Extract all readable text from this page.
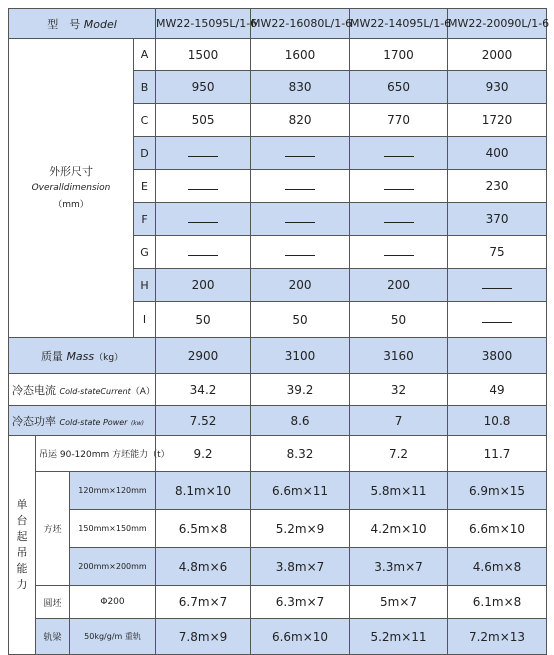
型　号 Model				MW22-15095L/1-6	MW22-16080L/1-6	MW22-14095L/1-6	MW22-20090L/1-6

外形尺寸
Overalldimension
（mm）			A	1500	1600	1700	2000
			B	950	830	650	930
			C	505	820	770	1720
			D				400
			E				230
			F				370
			G				75
			H	200	200	200	
			I	50	50	50	
质量 Mass（kg）				2900	3100	3160	3800
冷态电流 Cold-stateCurrent（A）				34.2	39.2	32	49
冷态功率 Cold-state Power (kw)				7.52	8.6	7	10.8

单台起吊能力	吊运 90-120mm 方坯能力（t）			9.2	8.32	7.2	11.7
	方坯	120mm×120mm		8.1m×10	6.6m×11	5.8m×11	6.9m×15
		150mm×150mm		6.5m×8	5.2m×9	4.2m×10	6.6m×10
		200mm×200mm		4.8m×6	3.8m×7	3.3m×7	4.6m×8
	圆坯	Φ200		6.7m×7	6.3m×7	5m×7	6.1m×8
	轨梁	50kg/g/m 重轨		7.8m×9	6.6m×10	5.2m×11	7.2m×13
